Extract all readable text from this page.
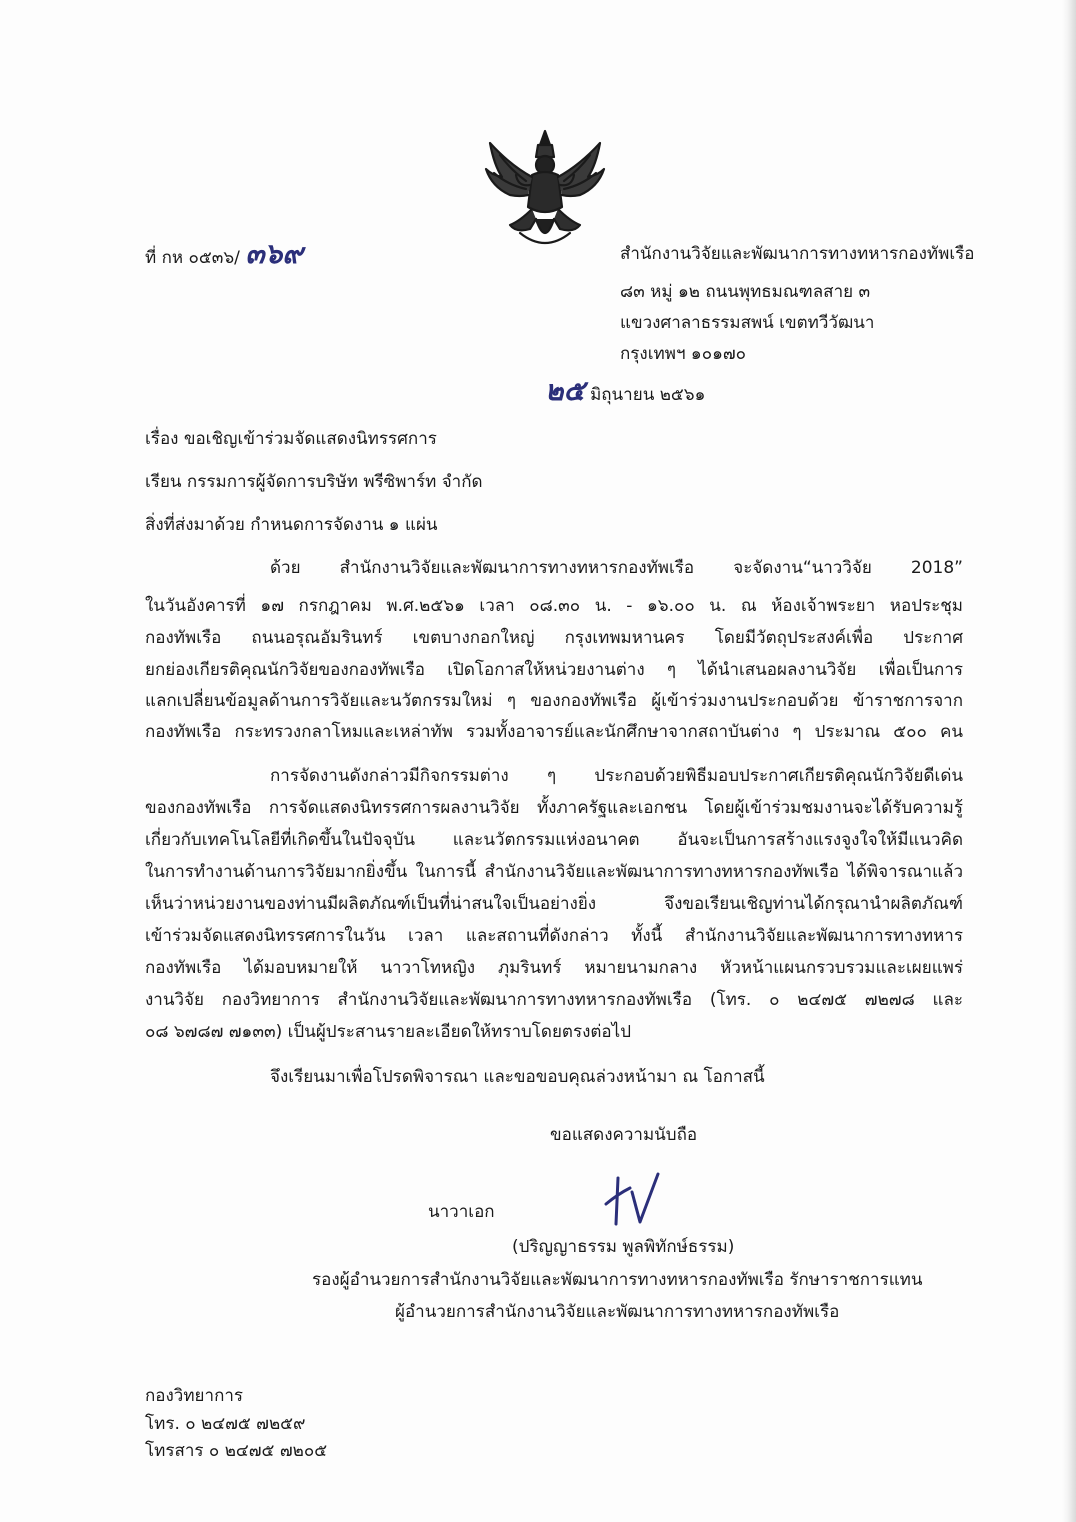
ที่ กห ๐๕๓๖/ ๓๖๙	สำนักงานวิจัยและพัฒนาการทางทหารกองทัพเรือ
๘๓ หมู่ ๑๒ ถนนพุทธมณฑลสาย ๓
แขวงศาลาธรรมสพน์ เขตทวีวัฒนา
กรุงเทพฯ ๑๐๑๗๐
๒๕ มิถุนายน ๒๕๖๑
เรื่อง ขอเชิญเข้าร่วมจัดแสดงนิทรรศการ
เรียน กรรมการผู้จัดการบริษัท พรีซิพาร์ท จำกัด
สิ่งที่ส่งมาด้วย กำหนดการจัดงาน ๑ แผ่น
ด้วย สำนักงานวิจัยและพัฒนาการทางทหารกองทัพเรือ จะจัดงาน“นาววิจัย 2018”
ในวันอังคารที่ ๑๗ กรกฎาคม พ.ศ.๒๕๖๑ เวลา ๐๘.๓๐ น. - ๑๖.๐๐ น. ณ ห้องเจ้าพระยา หอประชุม
กองทัพเรือ ถนนอรุณอัมรินทร์ เขตบางกอกใหญ่ กรุงเทพมหานคร โดยมีวัตถุประสงค์เพื่อ ประกาศ
ยกย่องเกียรติคุณนักวิจัยของกองทัพเรือ เปิดโอกาสให้หน่วยงานต่าง ๆ ได้นำเสนอผลงานวิจัย เพื่อเป็นการ
แลกเปลี่ยนข้อมูลด้านการวิจัยและนวัตกรรมใหม่ ๆ ของกองทัพเรือ ผู้เข้าร่วมงานประกอบด้วย ข้าราชการจาก
กองทัพเรือ กระทรวงกลาโหมและเหล่าทัพ รวมทั้งอาจารย์และนักศึกษาจากสถาบันต่าง ๆ ประมาณ ๕๐๐ คน
การจัดงานดังกล่าวมีกิจกรรมต่าง ๆ ประกอบด้วยพิธีมอบประกาศเกียรติคุณนักวิจัยดีเด่น
ของกองทัพเรือ การจัดแสดงนิทรรศการผลงานวิจัย ทั้งภาครัฐและเอกชน โดยผู้เข้าร่วมชมงานจะได้รับความรู้
เกี่ยวกับเทคโนโลยีที่เกิดขึ้นในปัจจุบัน และนวัตกรรมแห่งอนาคต อันจะเป็นการสร้างแรงจูงใจให้มีแนวคิด
ในการทำงานด้านการวิจัยมากยิ่งขึ้น ในการนี้ สำนักงานวิจัยและพัฒนาการทางทหารกองทัพเรือ ได้พิจารณาแล้ว
เห็นว่าหน่วยงานของท่านมีผลิตภัณฑ์เป็นที่น่าสนใจเป็นอย่างยิ่ง จึงขอเรียนเชิญท่านได้กรุณานำผลิตภัณฑ์
เข้าร่วมจัดแสดงนิทรรศการในวัน เวลา และสถานที่ดังกล่าว ทั้งนี้ สำนักงานวิจัยและพัฒนาการทางทหาร
กองทัพเรือ ได้มอบหมายให้ นาวาโทหญิง ภุมรินทร์ หมายนามกลาง หัวหน้าแผนกรวบรวมและเผยแพร่
งานวิจัย กองวิทยาการ สำนักงานวิจัยและพัฒนาการทางทหารกองทัพเรือ (โทร. ๐ ๒๔๗๕ ๗๒๗๘ และ
๐๘ ๖๗๘๗ ๗๑๓๓) เป็นผู้ประสานรายละเอียดให้ทราบโดยตรงต่อไป
จึงเรียนมาเพื่อโปรดพิจารณา และขอขอบคุณล่วงหน้ามา ณ โอกาสนี้
ขอแสดงความนับถือ
นาวาเอก
(ปริญญาธรรม พูลพิทักษ์ธรรม)
รองผู้อำนวยการสำนักงานวิจัยและพัฒนาการทางทหารกองทัพเรือ รักษาราชการแทน
ผู้อำนวยการสำนักงานวิจัยและพัฒนาการทางทหารกองทัพเรือ
กองวิทยาการ
โทร. ๐ ๒๔๗๕ ๗๒๕๙
โทรสาร ๐ ๒๔๗๕ ๗๒๐๕
